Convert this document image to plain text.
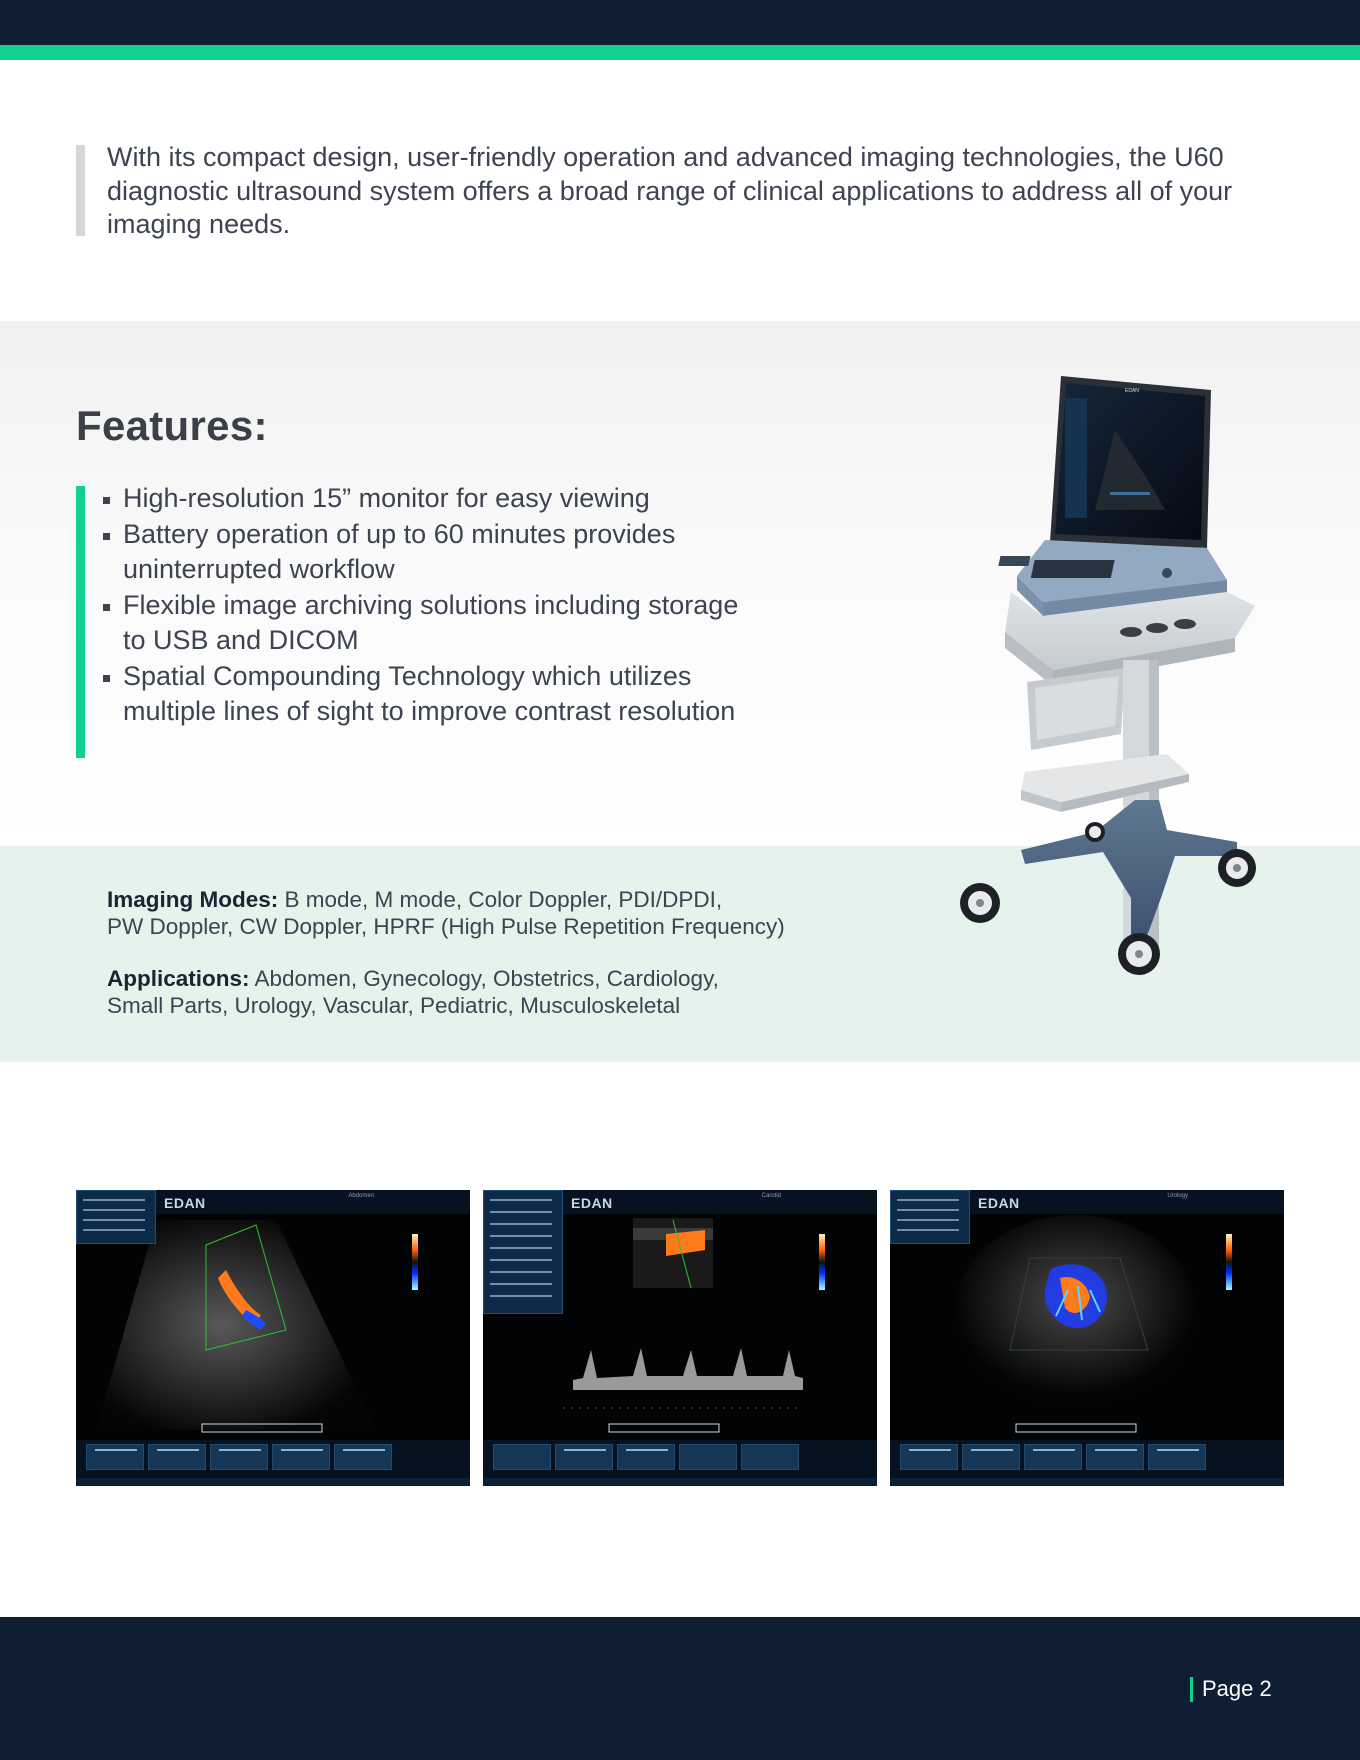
With its compact design, user-friendly operation and advanced imaging technologies, the U60 diagnostic ultrasound system offers a broad range of clinical applications to address all of your imaging needs.

Features:
High-resolution 15” monitor for easy viewing
Battery operation of up to 60 minutes provides uninterrupted workflow
Flexible image archiving solutions including storage to USB and DICOM
Spatial Compounding Technology which utilizes multiple lines of sight to improve contrast resolution

Imaging Modes: B mode, M mode, Color Doppler, PDI/DPDI,

PW Doppler, CW Doppler, HPRF (High Pulse Repetition Frequency)

Applications: Abdomen, Gynecology, Obstetrics, Cardiology,

Small Parts, Urology, Vascular, Pediatric, Musculoskeletal

EDAN
EDAN	Abdomen	EDAN	Carotid	EDAN	Urology
Page 2
